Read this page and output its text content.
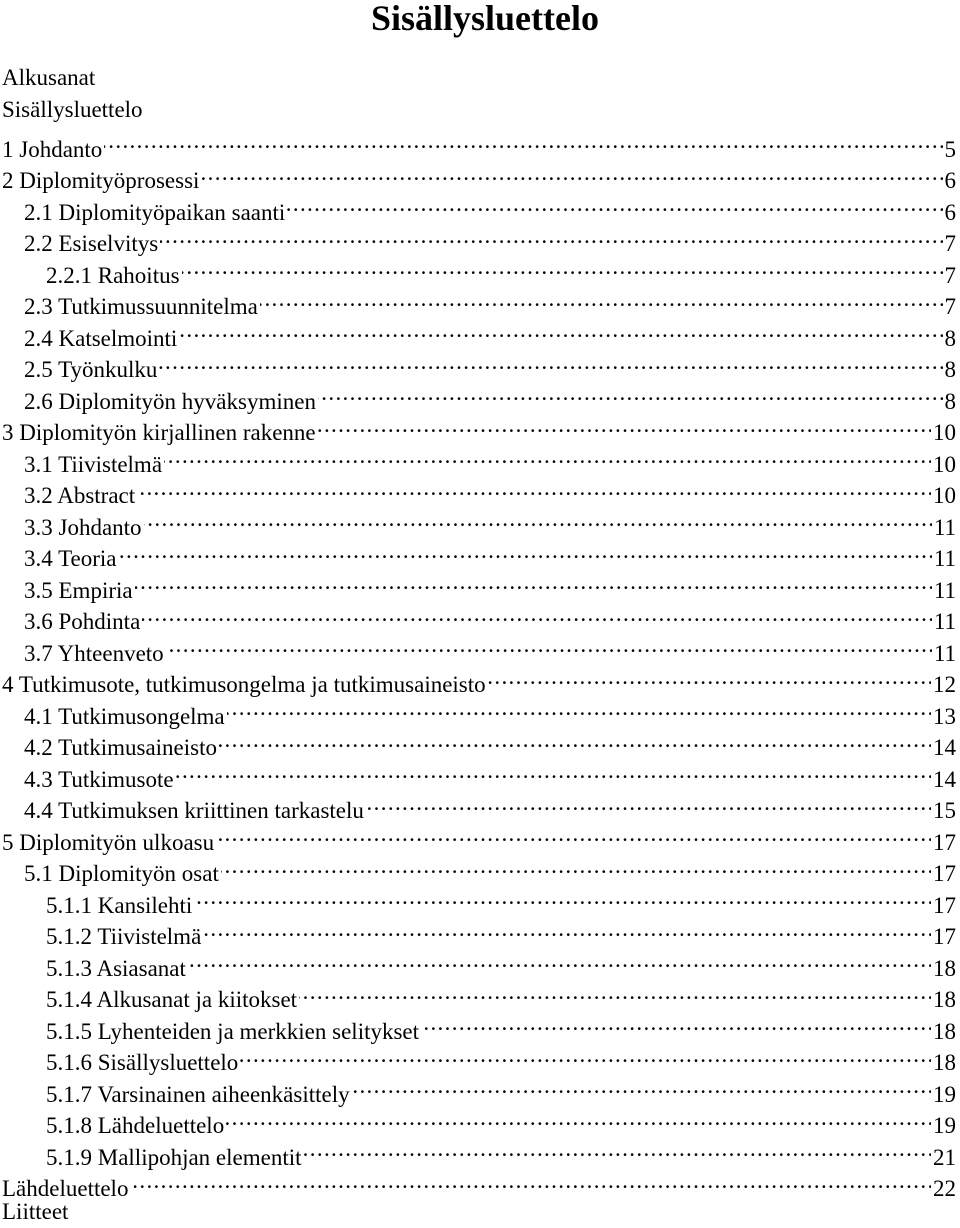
Sisällysluettelo
Alkusanat
Sisällysluettelo
1 Johdanto . . .	5
2 Diplomityöprosessi . . .	6
2.1 Diplomityöpaikan saanti . . .	6
2.2 Esiselvitys . . .	7
2.2.1 Rahoitus . . .	7
2.3 Tutkimussuunnitelma . . .	7
2.4 Katselmointi . . .	8
2.5 Työnkulku . . .	8
2.6 Diplomityön hyväksyminen . . .	8
3 Diplomityön kirjallinen rakenne . . .	10
3.1 Tiivistelmä . . .	10
3.2 Abstract . . .	10
3.3 Johdanto . . .	11
3.4 Teoria . . .	11
3.5 Empiria . . .	11
3.6 Pohdinta . . .	11
3.7 Yhteenveto . . .	11
4 Tutkimusote, tutkimusongelma ja tutkimusaineisto . . .	12
4.1 Tutkimusongelma . . .	13
4.2 Tutkimusaineisto . . .	14
4.3 Tutkimusote . . .	14
4.4 Tutkimuksen kriittinen tarkastelu . . .	15
5 Diplomityön ulkoasu . . .	17
5.1 Diplomityön osat . . .	17
5.1.1 Kansilehti . . .	17
5.1.2 Tiivistelmä . . .	17
5.1.3 Asiasanat . . .	18
5.1.4 Alkusanat ja kiitokset . . .	18
5.1.5 Lyhenteiden ja merkkien selitykset . . .	18
5.1.6 Sisällysluettelo . . .	18
5.1.7 Varsinainen aiheenkäsittely . . .	19
5.1.8 Lähdeluettelo . . .	19
5.1.9 Mallipohjan elementit . . .	21
Lähdeluettelo . . .	22
Liitteet
